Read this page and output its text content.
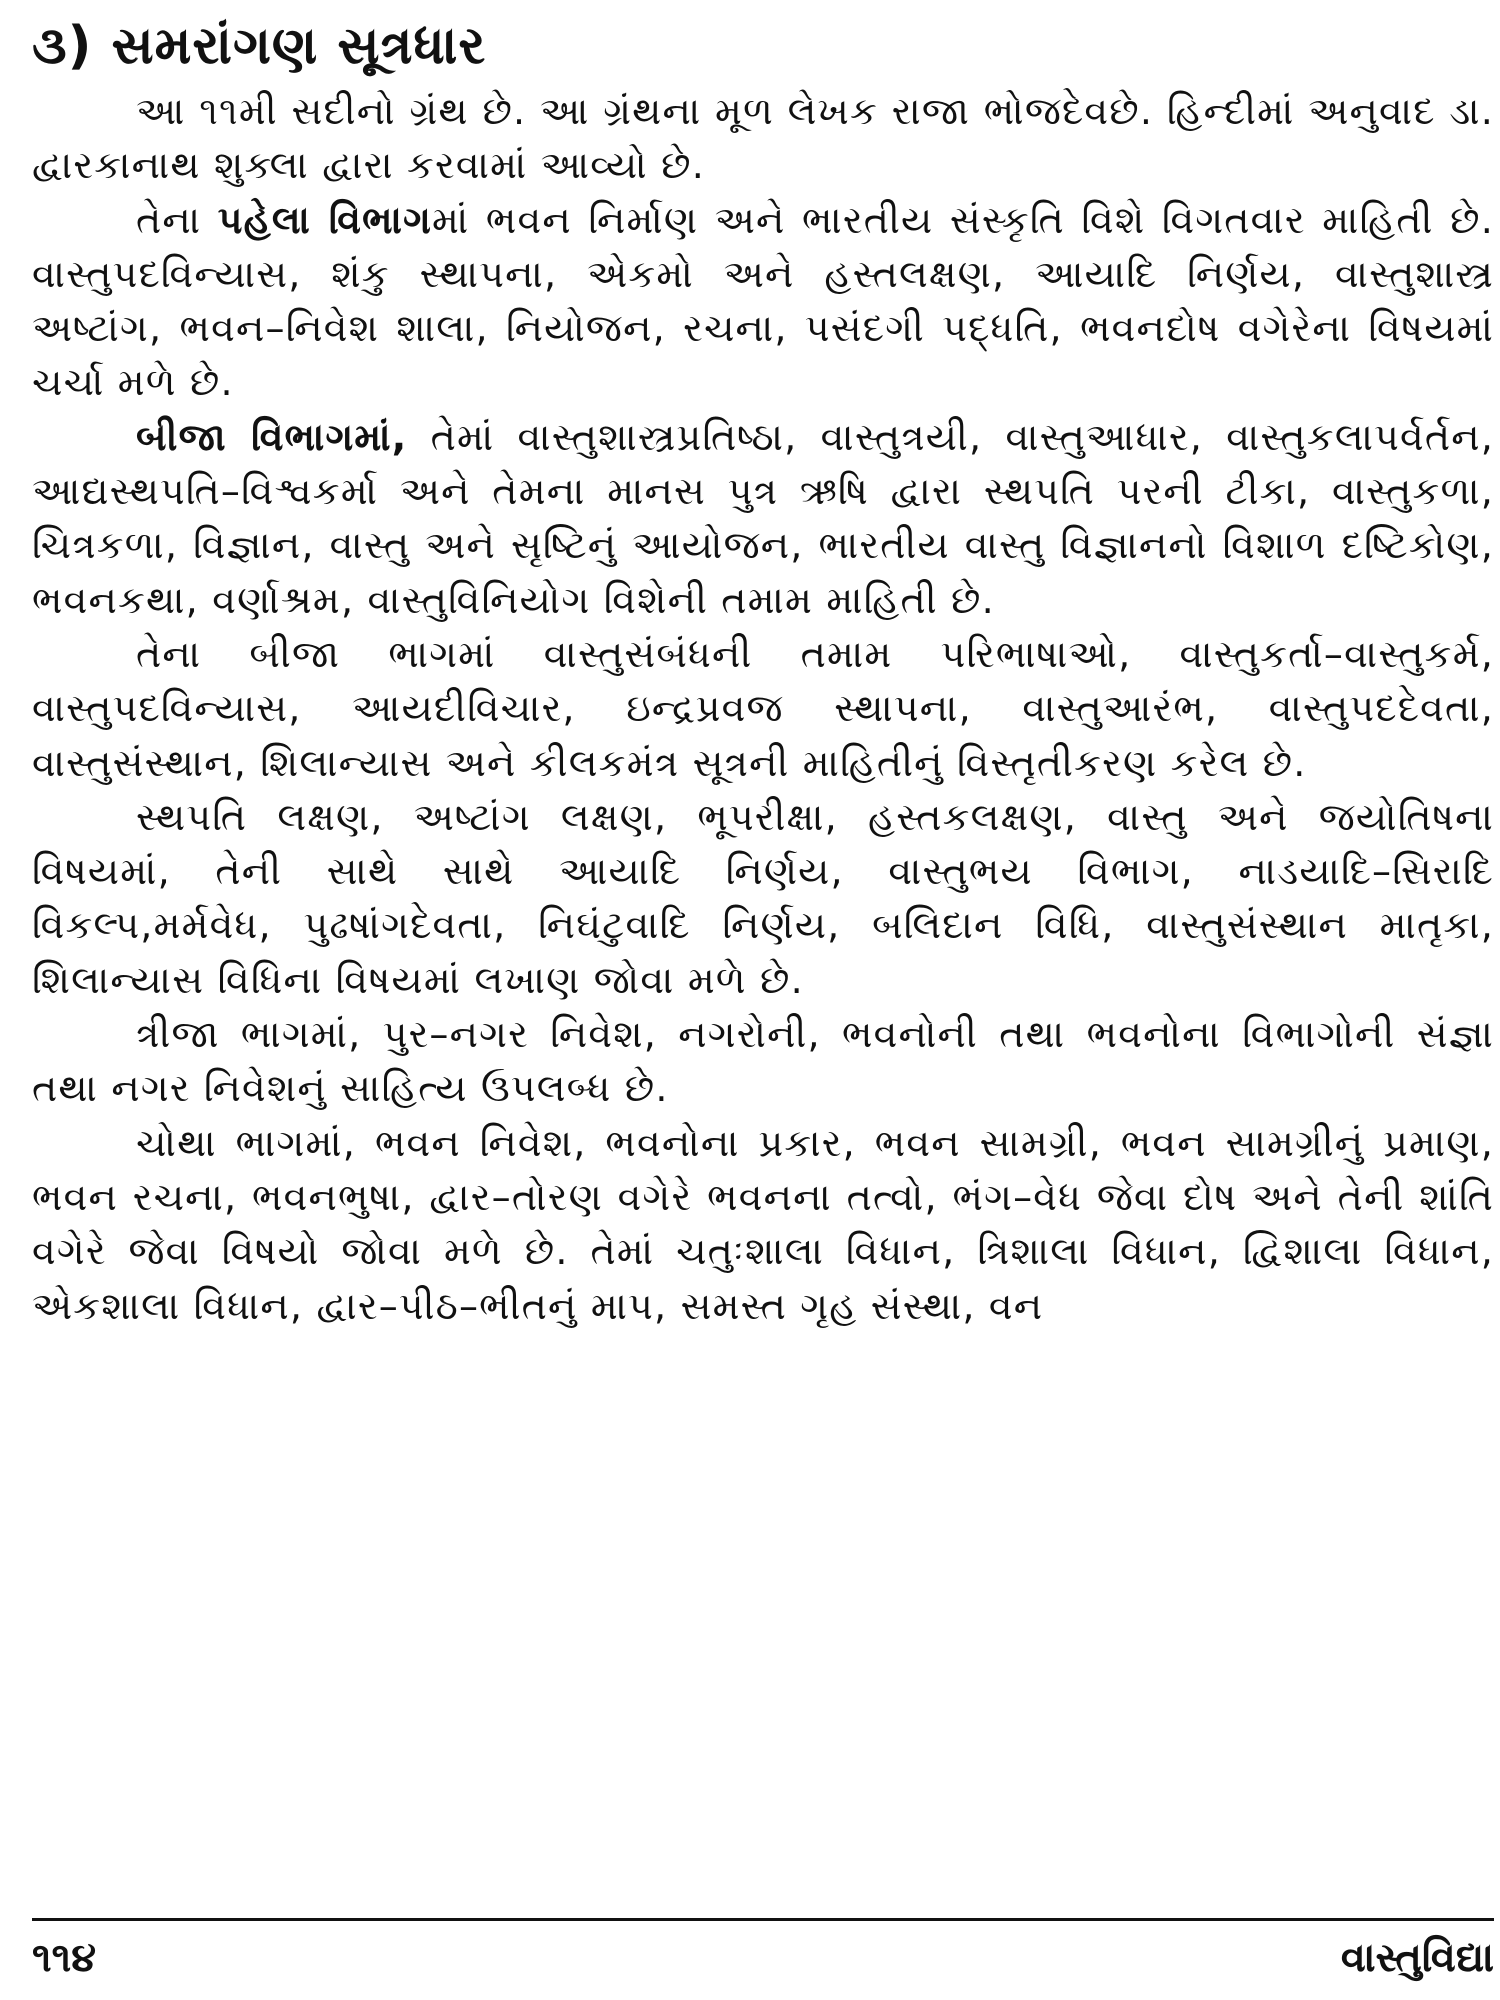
૩) સમરાંગણ સૂત્રધાર

આ ૧૧મી સદીનો ગ્રંથ છે. આ ગ્રંથના મૂળ લેખક રાજા ભોજદેવછે. હિન્દીમાં અનુવાદ ડા. દ્વારકાનાથ શુક્લા દ્વારા કરવામાં આવ્યો છે.

તેના પહેલા વિભાગમાં ભવન નિર્માણ અને ભારતીય સંસ્કૃતિ વિશે વિગતવાર માહિતી છે. વાસ્તુપદવિન્યાસ, શંકુ સ્થાપના, એકમો અને હસ્તલક્ષણ, આયાદિ નિર્ણય, વાસ્તુશાસ્ત્ર અષ્ટાંગ, ભવન–નિવેશ શાલા, નિયોજન, રચના, પસંદગી પદ્ધતિ, ભવનદોષ વગેરેના વિષયમાં ચર્ચા મળે છે.

બીજા વિભાગમાં, તેમાં વાસ્તુશાસ્ત્રપ્રતિષ્ઠા, વાસ્તુત્રયી, વાસ્તુઆધાર, વાસ્તુકલાપર્વર્તન, આદ્યસ્થપતિ–વિશ્વકર્મા અને તેમના માનસ પુત્ર ઋષિ દ્વારા સ્થપતિ પરની ટીકા, વાસ્તુકળા, ચિત્રકળા, વિજ્ઞાન, વાસ્તુ અને સૃષ્ટિનું આયોજન, ભારતીય વાસ્તુ વિજ્ઞાનનો વિશાળ દષ્ટિકોણ, ભવનકથા, વર્ણાશ્રમ, વાસ્તુવિનિયોગ વિશેની તમામ માહિતી છે.

તેના બીજા ભાગમાં વાસ્તુસંબંધની તમામ પરિભાષાઓ, વાસ્તુકર્તા–વાસ્તુકર્મ, વાસ્તુપદવિન્યાસ, આયદીવિચાર, ઇન્દ્રપ્રવજ સ્થાપના, વાસ્તુઆરંભ, વાસ્તુપદદેવતા, વાસ્તુસંસ્થાન, શિલાન્યાસ અને કીલકમંત્ર સૂત્રની માહિતીનું વિસ્તૃતીકરણ કરેલ છે.

સ્થપતિ લક્ષણ, અષ્ટાંગ લક્ષણ, ભૂપરીક્ષા, હસ્તકલક્ષણ, વાસ્તુ અને જયોતિષના વિષયમાં, તેની સાથે સાથે આયાદિ નિર્ણય, વાસ્તુભય વિભાગ, નાડયાદિ–સિરાદિ વિકલ્પ,મર્મવેધ, પુઢષાંગદેવતા, નિઘંટુવાદિ નિર્ણય, બલિદાન વિધિ, વાસ્તુસંસ્થાન માતૃકા, શિલાન્યાસ વિધિના વિષયમાં લખાણ જોવા મળે છે.

ત્રીજા ભાગમાં, પુર–નગર નિવેશ, નગરોની, ભવનોની તથા ભવનોના વિભાગોની સંજ્ઞા તથા નગર નિવેશનું સાહિત્ય ઉપલબ્ધ છે.

ચોથા ભાગમાં, ભવન નિવેશ, ભવનોના પ્રકાર, ભવન સામગ્રી, ભવન સામગ્રીનું પ્રમાણ, ભવન રચના, ભવનભુષા, દ્વાર–તોરણ વગેરે ભવનના તત્વો, ભંગ–વેધ જેવા દોષ અને તેની શાંતિ વગેરે જેવા વિષયો જોવા મળે છે. તેમાં ચતુઃશાલા વિધાન, ત્રિશાલા વિધાન, દ્વિશાલા વિધાન, એકશાલા વિધાન, દ્વાર–પીઠ–ભીતનું માપ, સમસ્ત ગૃહ સંસ્થા, વન

૧૧૪	વાસ્તુવિદ્યા
